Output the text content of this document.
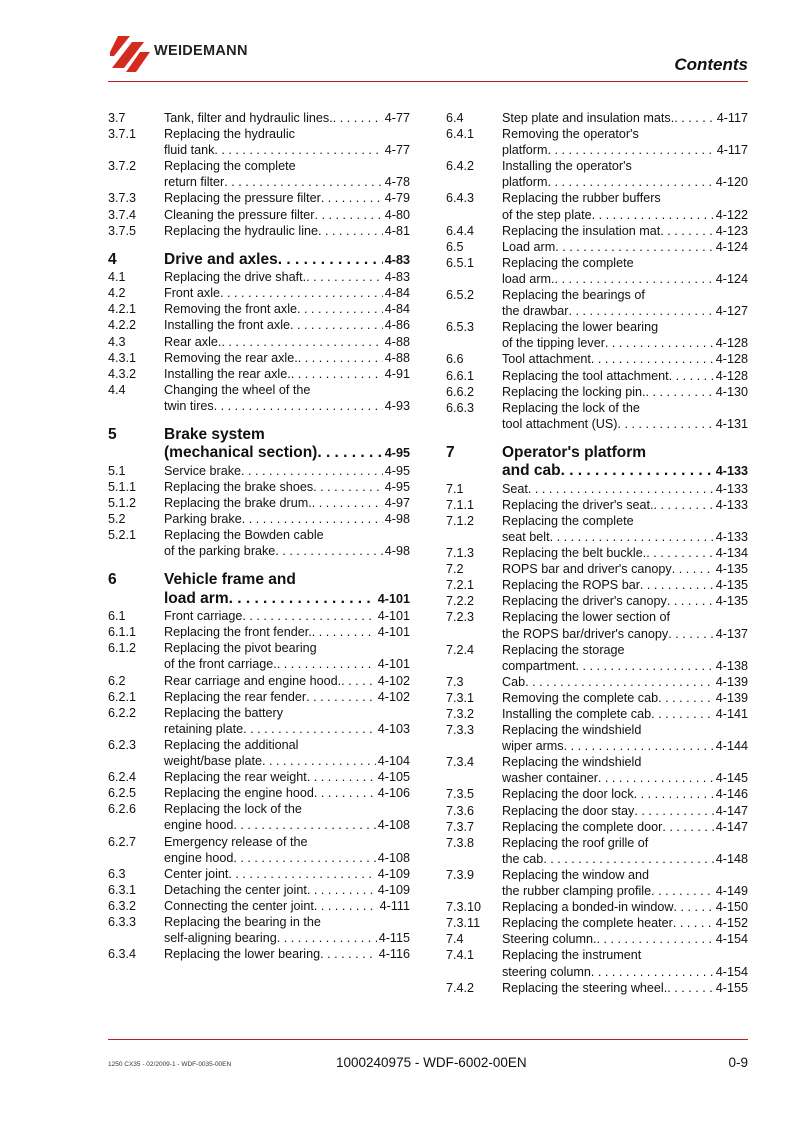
WEIDEMANN
Contents
3.7	Tank, filter and hydraulic lines. . . .	4-77
3.7.1	Replacing the hydraulic
fluid tank . . .	4-77
3.7.2	Replacing the complete
return filter . . .	4-78
3.7.3	Replacing the pressure filter . . .	4-79
3.7.4	Cleaning the pressure filter . . .	4-80
3.7.5	Replacing the hydraulic line . . .	4-81
4	Drive and axles . . .	4-83
4.1	Replacing the drive shaft. . . .	4-83
4.2	Front axle . . .	4-84
4.2.1	Removing the front axle . . .	4-84
4.2.2	Installing the front axle . . .	4-86
4.3	Rear axle. . . .	4-88
4.3.1	Removing the rear axle. . . .	4-88
4.3.2	Installing the rear axle. . . .	4-91
4.4	Changing the wheel of the
twin tires . . .	4-93
5	Brake system
(mechanical section) . . .	4-95
5.1	Service brake . . .	4-95
5.1.1	Replacing the brake shoes . . .	4-95
5.1.2	Replacing the brake drum. . . .	4-97
5.2	Parking brake . . .	4-98
5.2.1	Replacing the Bowden cable
of the parking brake . . .	4-98
6	Vehicle frame and
load arm . . .	4-101
6.1	Front carriage . . .	4-101
6.1.1	Replacing the front fender. . . .	4-101
6.1.2	Replacing the pivot bearing
of the front carriage. . . .	4-101
6.2	Rear carriage and engine hood. . . .	4-102
6.2.1	Replacing the rear fender . . .	4-102
6.2.2	Replacing the battery
retaining plate . . .	4-103
6.2.3	Replacing the additional
weight/base plate . . .	4-104
6.2.4	Replacing the rear weight . . .	4-105
6.2.5	Replacing the engine hood . . .	4-106
6.2.6	Replacing the lock of the
engine hood . . .	4-108
6.2.7	Emergency release of the
engine hood . . .	4-108
6.3	Center joint . . .	4-109
6.3.1	Detaching the center joint . . .	4-109
6.3.2	Connecting the center joint . . .	4-111
6.3.3	Replacing the bearing in the
self-aligning bearing . . .	4-115
6.3.4	Replacing the lower bearing . . .	4-116
6.4	Step plate and insulation mats. . . .	4-117
6.4.1	Removing the operator's
platform . . .	4-117
6.4.2	Installing the operator's
platform . . .	4-120
6.4.3	Replacing the rubber buffers
of the step plate . . .	4-122
6.4.4	Replacing the insulation mat . . .	4-123
6.5	Load arm . . .	4-124
6.5.1	Replacing the complete
load arm. . . .	4-124
6.5.2	Replacing the bearings of
the drawbar . . .	4-127
6.5.3	Replacing the lower bearing
of the tipping lever . . .	4-128
6.6	Tool attachment . . .	4-128
6.6.1	Replacing the tool attachment . . .	4-128
6.6.2	Replacing the locking pin. . . .	4-130
6.6.3	Replacing the lock of the
tool attachment (US) . . .	4-131
7	Operator's platform
and cab . . .	4-133
7.1	Seat . . .	4-133
7.1.1	Replacing the driver's seat. . . .	4-133
7.1.2	Replacing the complete
seat belt . . .	4-133
7.1.3	Replacing the belt buckle. . . .	4-134
7.2	ROPS bar and driver's canopy . . .	4-135
7.2.1	Replacing the ROPS bar . . .	4-135
7.2.2	Replacing the driver's canopy . . .	4-135
7.2.3	Replacing the lower section of
the ROPS bar/driver's canopy . . .	4-137
7.2.4	Replacing the storage
compartment . . .	4-138
7.3	Cab . . .	4-139
7.3.1	Removing the complete cab . . .	4-139
7.3.2	Installing the complete cab . . .	4-141
7.3.3	Replacing the windshield
wiper arms . . .	4-144
7.3.4	Replacing the windshield
washer container . . .	4-145
7.3.5	Replacing the door lock . . .	4-146
7.3.6	Replacing the door stay . . .	4-147
7.3.7	Replacing the complete door . . .	4-147
7.3.8	Replacing the roof grille of
the cab . . .	4-148
7.3.9	Replacing the window and
the rubber clamping profile . . .	4-149
7.3.10	Replacing a bonded-in window . . .	4-150
7.3.11	Replacing the complete heater . . .	4-152
7.4	Steering column. . . .	4-154
7.4.1	Replacing the instrument
steering column . . .	4-154
7.4.2	Replacing the steering wheel. . . .	4-155
1250 CX35 - 02/2009-1 - WDF-0035-00EN	1000240975 - WDF-6002-00EN	0-9
